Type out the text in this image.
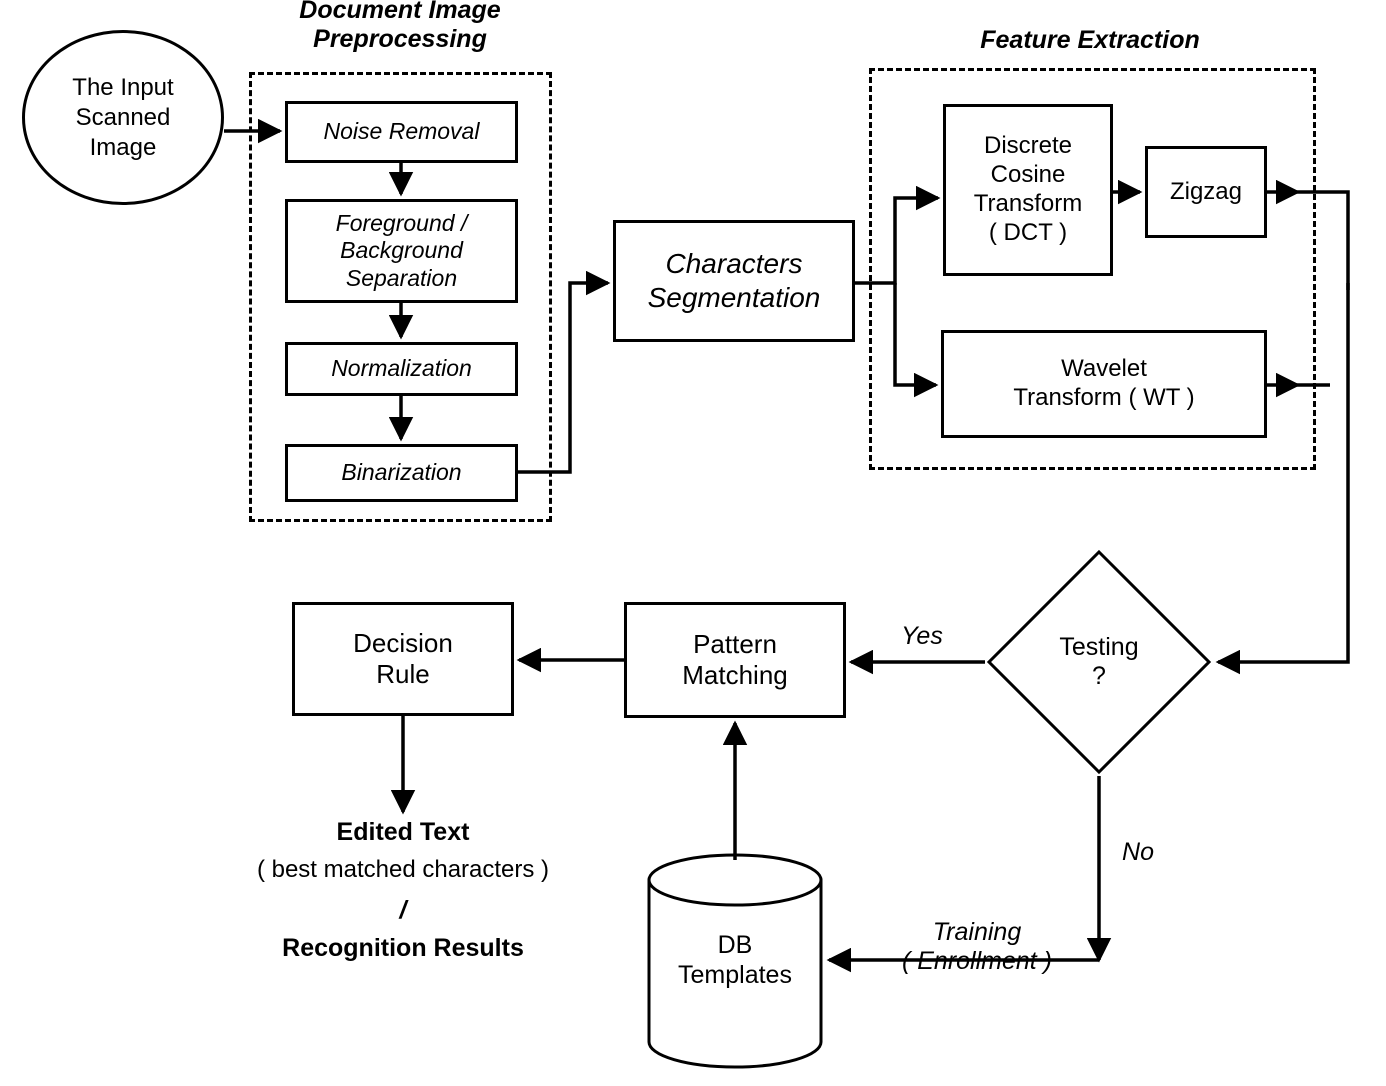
Document Image
Preprocessing	Feature Extraction
The Input
Scanned
Image
Noise Removal
Foreground /
Background
Separation
Normalization
Binarization
Characters
Segmentation
Discrete
Cosine
Transform
( DCT )
Zigzag
Wavelet
Transform ( WT )
Testing
?
Pattern
Matching
Decision
Rule
DB
Templates
Yes
No
Training
( Enrollment )
Edited Text
( best matched characters )
/
Recognition Results
